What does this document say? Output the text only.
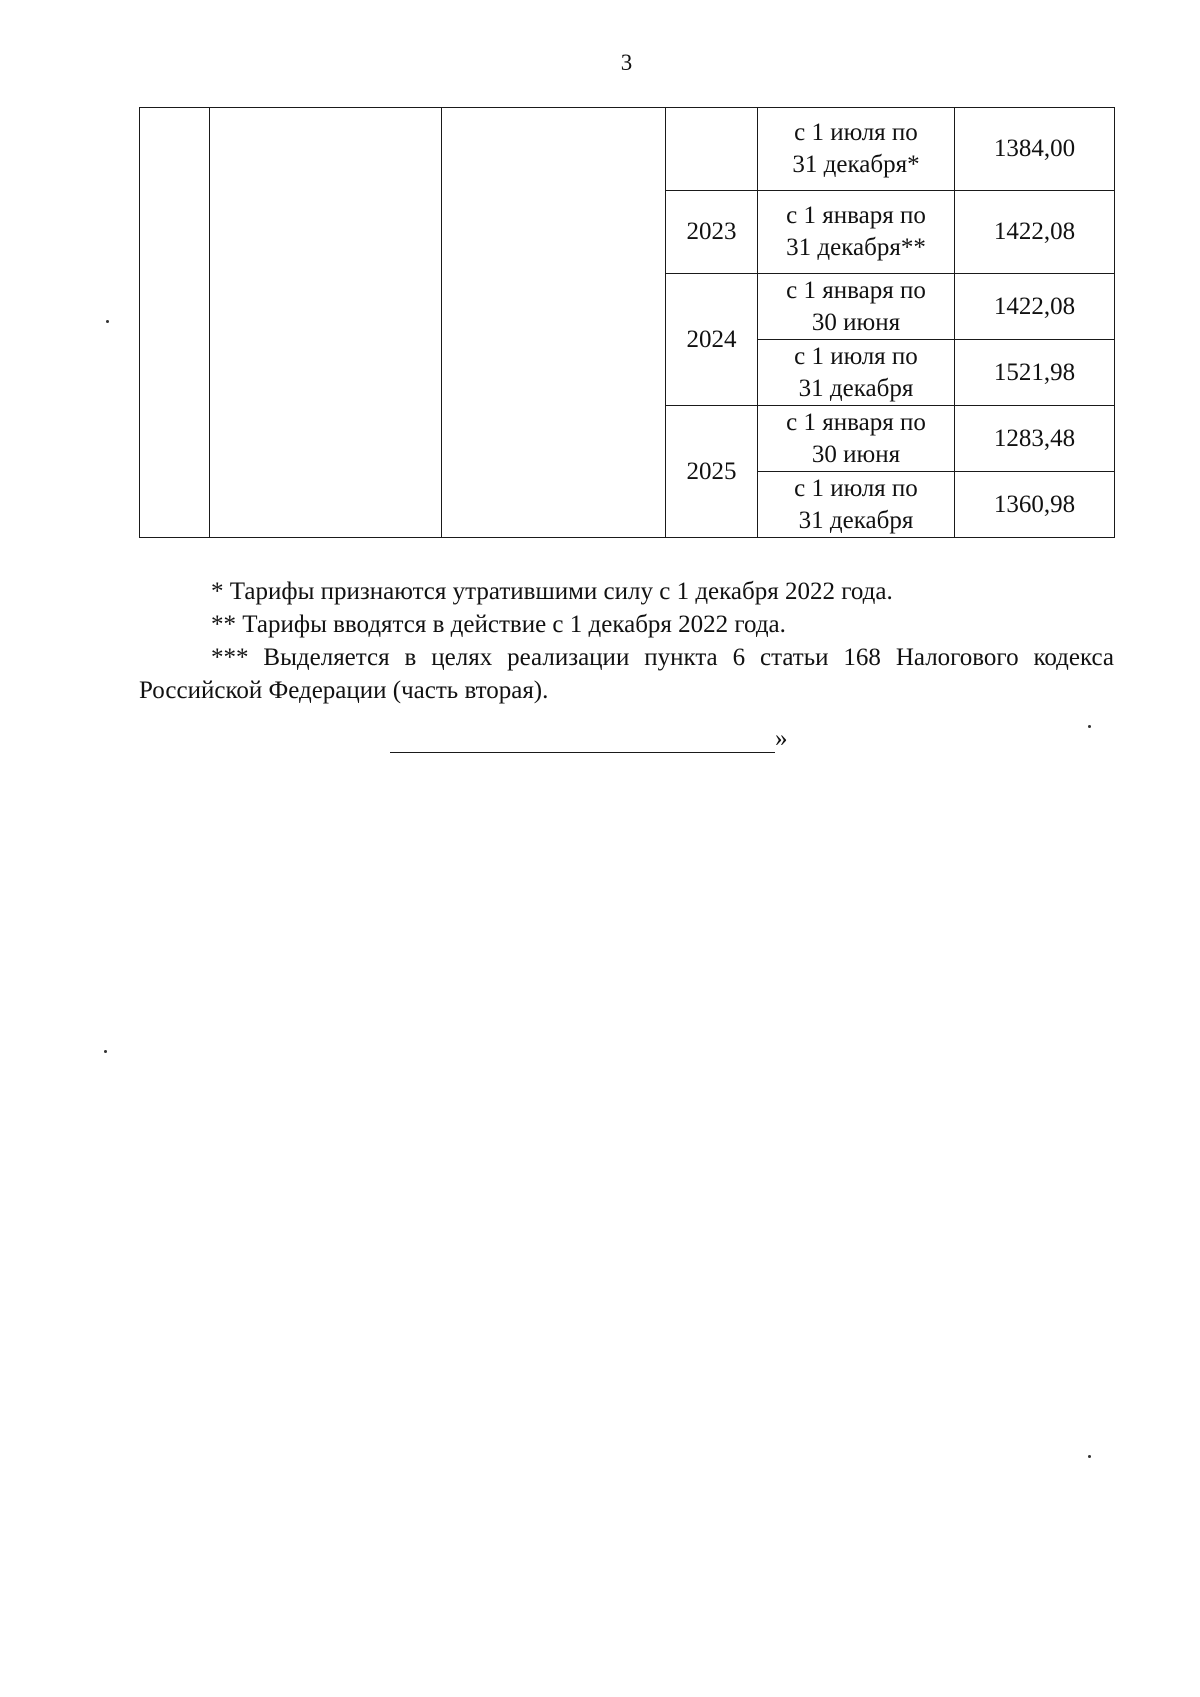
3

				с 1 июля по
31 декабря*	1384,00
			2023	с 1 января по
31 декабря**	1422,08
			2024	с 1 января по
30 июня	1422,08

				с 1 июля по
31 декабря	1521,98
			2025	с 1 января по
30 июня	1283,48

				с 1 июля по
31 декабря	1360,98

* Тарифы признаются утратившими силу с 1 декабря 2022 года.

** Тарифы вводятся в действие с 1 декабря 2022 года.

*** Выделяется в целях реализации пункта 6 статьи 168 Налогового кодекса Российской Федерации (часть вторая).

»
